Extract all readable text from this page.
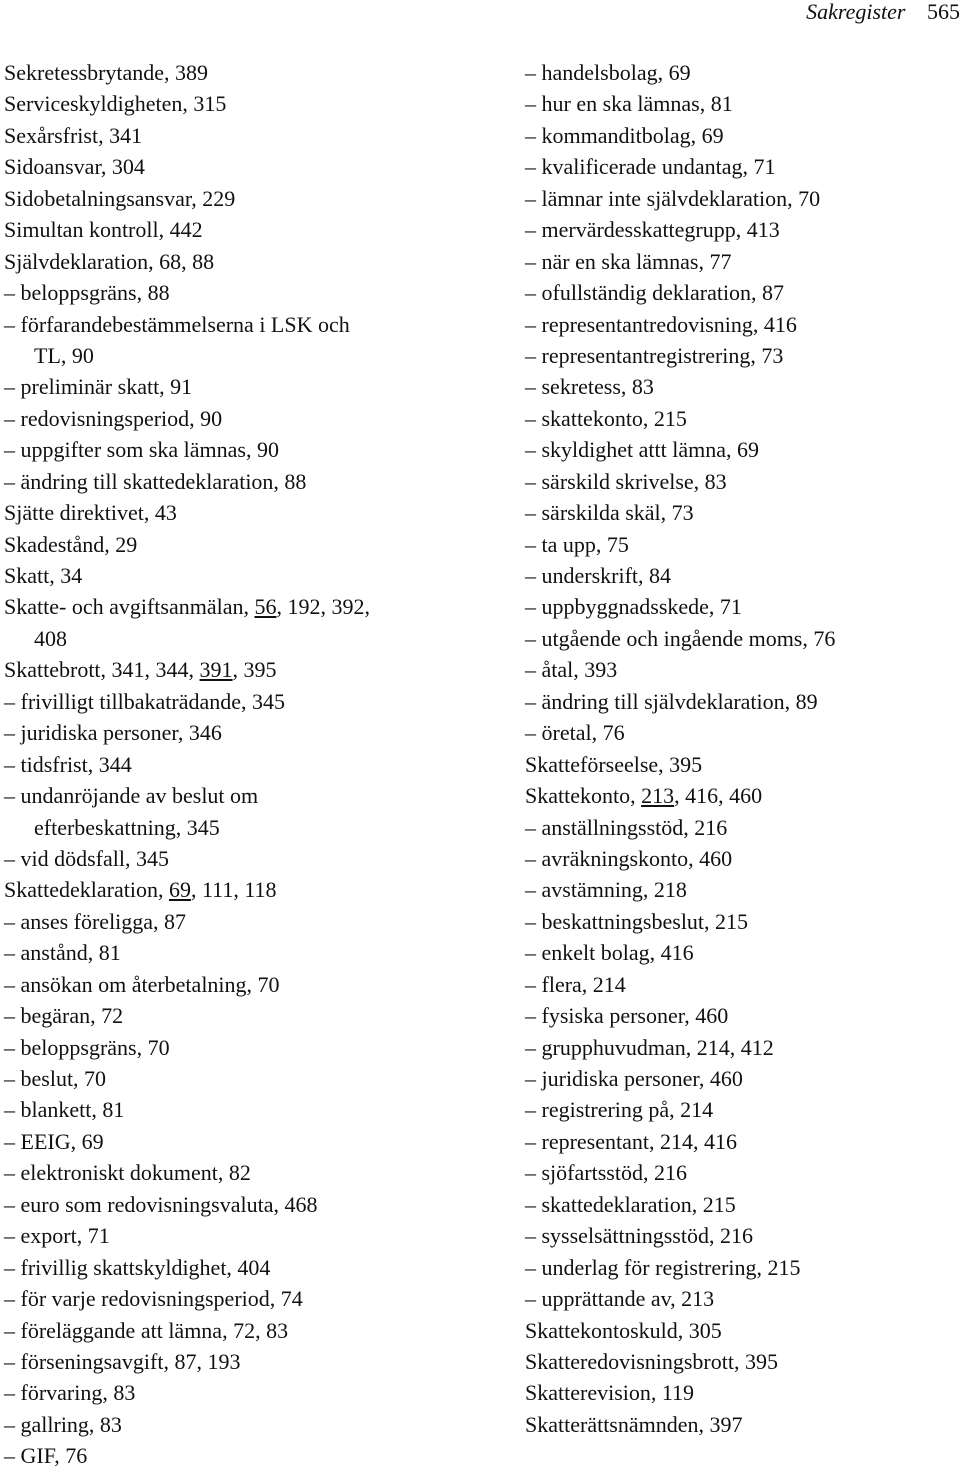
Sakregister 565
Sekretessbrytande, 389
Serviceskyldigheten, 315
Sexårsfrist, 341
Sidoansvar, 304
Sidobetalningsansvar, 229
Simultan kontroll, 442
Självdeklaration, 68, 88
– beloppsgräns, 88
– förfarandebestämmelserna i LSK och
TL, 90
– preliminär skatt, 91
– redovisningsperiod, 90
– uppgifter som ska lämnas, 90
– ändring till skattedeklaration, 88
Sjätte direktivet, 43
Skadestånd, 29
Skatt, 34
Skatte- och avgiftsanmälan, 56, 192, 392,
408
Skattebrott, 341, 344, 391, 395
– frivilligt tillbakaträdande, 345
– juridiska personer, 346
– tidsfrist, 344
– undanröjande av beslut om
efterbeskattning, 345
– vid dödsfall, 345
Skattedeklaration, 69, 111, 118
– anses föreligga, 87
– anstånd, 81
– ansökan om återbetalning, 70
– begäran, 72
– beloppsgräns, 70
– beslut, 70
– blankett, 81
– EEIG, 69
– elektroniskt dokument, 82
– euro som redovisningsvaluta, 468
– export, 71
– frivillig skattskyldighet, 404
– för varje redovisningsperiod, 74
– föreläggande att lämna, 72, 83
– förseningsavgift, 87, 193
– förvaring, 83
– gallring, 83
– GIF, 76
– handelsbolag, 69
– hur en ska lämnas, 81
– kommanditbolag, 69
– kvalificerade undantag, 71
– lämnar inte självdeklaration, 70
– mervärdesskattegrupp, 413
– när en ska lämnas, 77
– ofullständig deklaration, 87
– representantredovisning, 416
– representantregistrering, 73
– sekretess, 83
– skattekonto, 215
– skyldighet attt lämna, 69
– särskild skrivelse, 83
– särskilda skäl, 73
– ta upp, 75
– underskrift, 84
– uppbyggnadsskede, 71
– utgående och ingående moms, 76
– åtal, 393
– ändring till självdeklaration, 89
– öretal, 76
Skatteförseelse, 395
Skattekonto, 213, 416, 460
– anställningsstöd, 216
– avräkningskonto, 460
– avstämning, 218
– beskattningsbeslut, 215
– enkelt bolag, 416
– flera, 214
– fysiska personer, 460
– grupphuvudman, 214, 412
– juridiska personer, 460
– registrering på, 214
– representant, 214, 416
– sjöfartsstöd, 216
– skattedeklaration, 215
– sysselsättningsstöd, 216
– underlag för registrering, 215
– upprättande av, 213
Skattekontoskuld, 305
Skatteredovisningsbrott, 395
Skatterevision, 119
Skatterättsnämnden, 397
